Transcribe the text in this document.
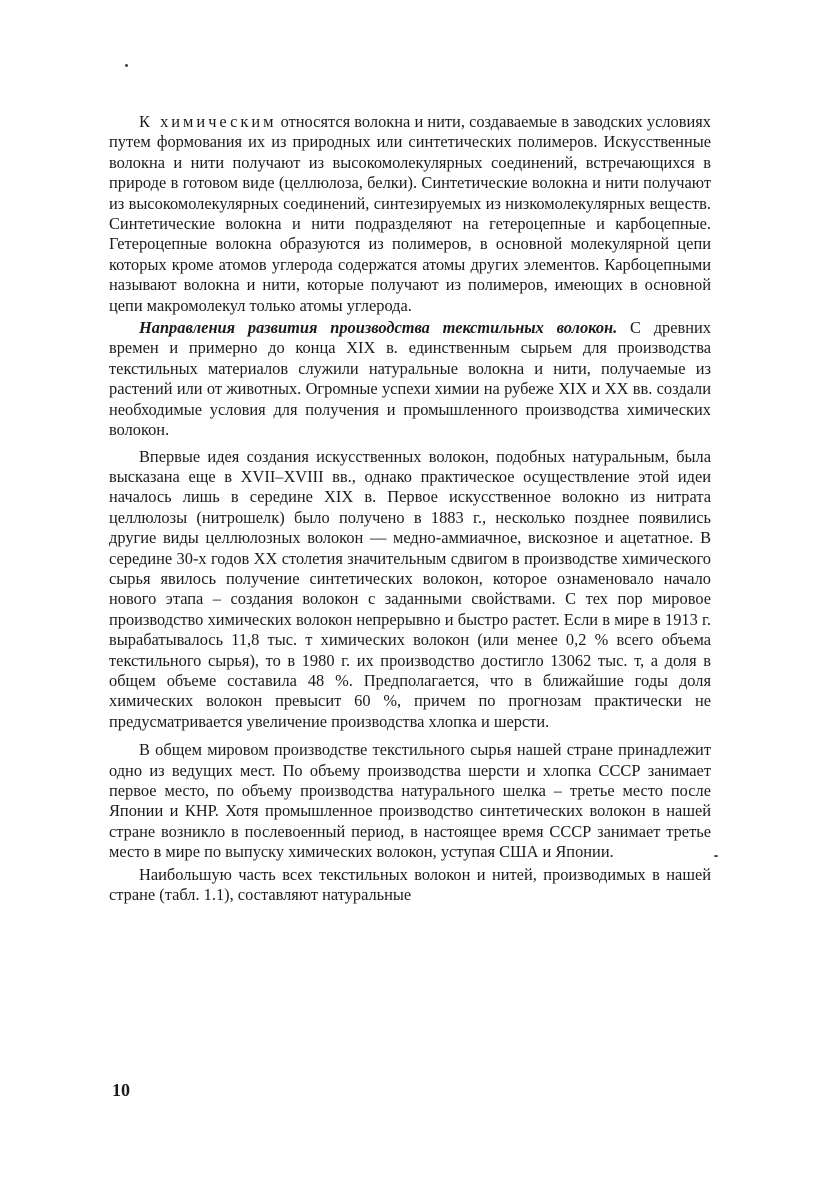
К химическим относятся волокна и нити, создаваемые в заводских условиях путем формования их из природных или синтетических полимеров. Искусственные волокна и нити получают из высокомолекулярных соединений, встречающихся в природе в готовом виде (целлюлоза, белки). Синтетические волокна и нити получают из высокомолекулярных соединений, синтезируемых из низкомолекулярных веществ. Синтетические волокна и нити подразделяют на гетероцепные и карбоцепные. Гетероцепные волокна образуются из полимеров, в основной молекулярной цепи которых кроме атомов углерода содержатся атомы других элементов. Карбоцепными называют волокна и нити, которые получают из полимеров, имеющих в основной цепи макромолекул только атомы углерода.

Направления развития производства текстильных волокон. С древних времен и примерно до конца XIX в. единственным сырьем для производства текстильных материалов служили натуральные волокна и нити, получаемые из растений или от животных. Огромные успехи химии на рубеже XIX и XX вв. создали необходимые условия для получения и промышленного производства химических волокон.

Впервые идея создания искусственных волокон, подобных натуральным, была высказана еще в XVII–XVIII вв., однако практическое осуществление этой идеи началось лишь в середине XIX в. Первое искусственное волокно из нитрата целлюлозы (нитрошелк) было получено в 1883 г., несколько позднее появились другие виды целлюлозных волокон — медно-аммиачное, вискозное и ацетатное. В середине 30-х годов XX столетия значительным сдвигом в производстве химического сырья явилось получение синтетических волокон, которое ознаменовало начало нового этапа – создания волокон с заданными свойствами. С тех пор мировое производство химических волокон непрерывно и быстро растет. Если в мире в 1913 г. вырабатывалось 11,8 тыс. т химических волокон (или менее 0,2 % всего объема текстильного сырья), то в 1980 г. их производство достигло 13062 тыс. т, а доля в общем объеме составила 48 %. Предполагается, что в ближайшие годы доля химических волокон превысит 60 %, причем по прогнозам практически не предусматривается увеличение производства хлопка и шерсти.

В общем мировом производстве текстильного сырья нашей стране принадлежит одно из ведущих мест. По объему производства шерсти и хлопка СССР занимает первое место, по объему производства натурального шелка – третье место после Японии и КНР. Хотя промышленное производство синтетических волокон в нашей стране возникло в послевоенный период, в настоящее время СССР занимает третье место в мире по выпуску химических волокон, уступая США и Японии.

Наибольшую часть всех текстильных волокон и нитей, производимых в нашей стране (табл. 1.1), составляют натуральные

10
